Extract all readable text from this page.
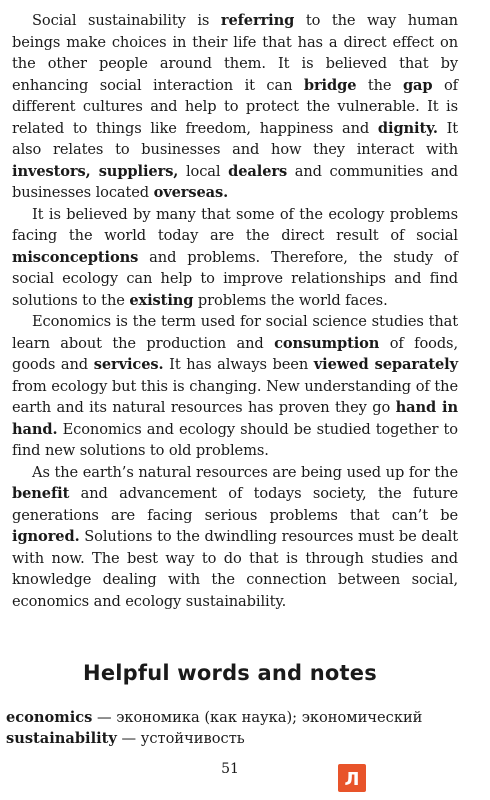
Social sustainability is referring to the way human beings make choices in their life that has a direct effect on the other people around them. It is believed that by enhancing social interaction it can bridge the gap of different cultures and help to protect the vulnerable. It is related to things like freedom, happiness and dignity. It also relates to businesses and how they interact with investors, suppliers, local dealers and communities and businesses located overseas.

It is believed by many that some of the ecology problems facing the world today are the direct result of social misconceptions and problems. Therefore, the study of social ecology can help to improve relationships and find solutions to the existing problems the world faces.

Economics is the term used for social science studies that learn about the production and consumption of foods, goods and services. It has always been viewed separately from ecology but this is changing. New understanding of the earth and its natural resources has proven they go hand in hand. Economics and ecology should be studied together to find new solutions to old problems.

As the earth’s natural resources are being used up for the benefit and advancement of todays society, the future generations are facing serious problems that can’t be ignored. Solutions to the dwindling resources must be dealt with now. The best way to do that is through studies and knowledge dealing with the connection between social, economics and ecology sustainability.

Helpful words and notes
economics — экономика (как наука); экономический
sustainability — устойчивость
51	Л
